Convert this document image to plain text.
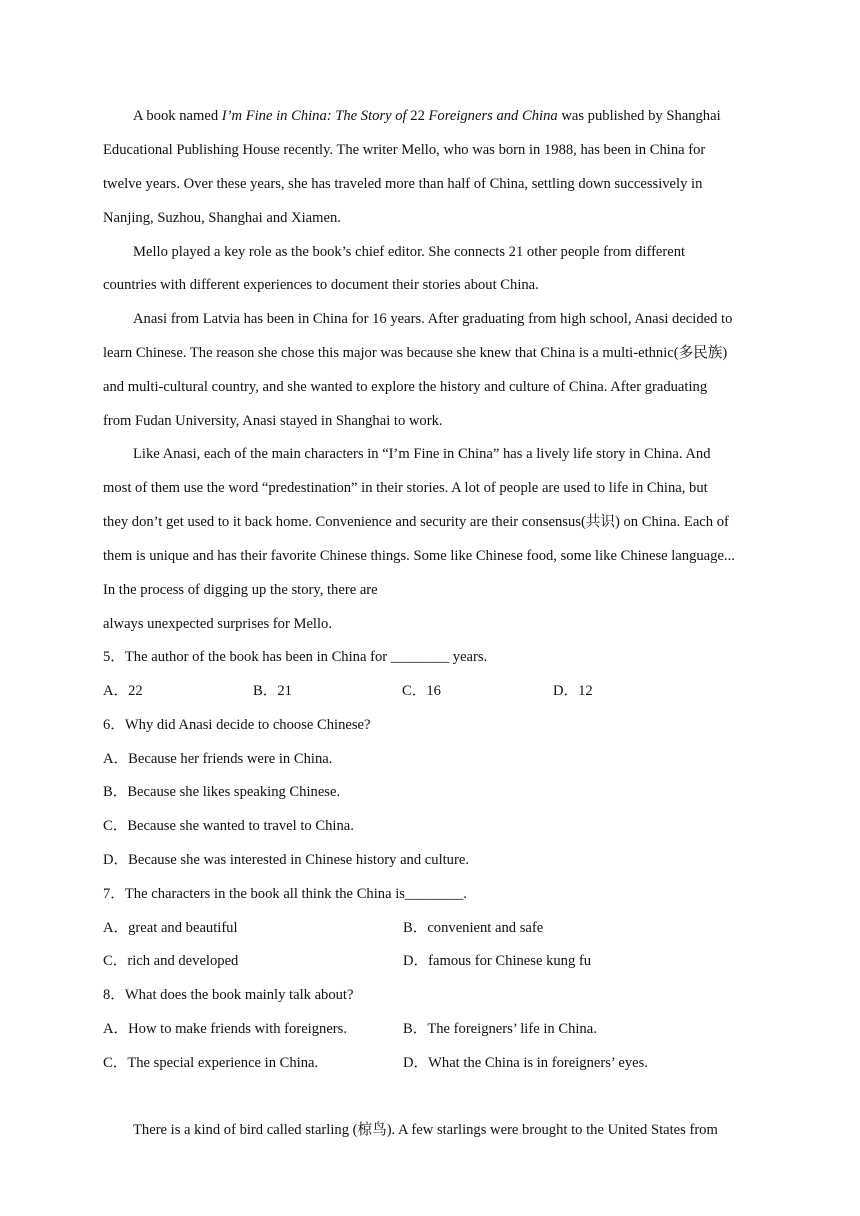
A book named I’m Fine in China: The Story of 22 Foreigners and China was published by Shanghai
Educational Publishing House recently. The writer Mello, who was born in 1988, has been in China for
twelve years. Over these years, she has traveled more than half of China, settling down successively in
Nanjing, Suzhou, Shanghai and Xiamen.
Mello played a key role as the book’s chief editor. She connects 21 other people from different
countries with different experiences to document their stories about China.
Anasi from Latvia has been in China for 16 years. After graduating from high school, Anasi decided to
learn Chinese. The reason she chose this major was because she knew that China is a multi-ethnic(多民族)
and multi-cultural country, and she wanted to explore the history and culture of China. After graduating
from Fudan University, Anasi stayed in Shanghai to work.
Like Anasi, each of the main characters in “I’m Fine in China” has a lively life story in China. And
most of them use the word “predestination” in their stories. A lot of people are used to life in China, but
they don’t get used to it back home. Convenience and security are their consensus(共识) on China. Each of
them is unique and has their favorite Chinese things. Some like Chinese food, some like Chinese language...
In the process of digging up the story, there are
always unexpected surprises for Mello.
5．The author of the book has been in China for ________ years.
A．22	B．21	C．16	D．12
6．Why did Anasi decide to choose Chinese?
A．Because her friends were in China.
B．Because she likes speaking Chinese.
C．Because she wanted to travel to China.
D．Because she was interested in Chinese history and culture.
7．The characters in the book all think the China is________.
A．great and beautiful	B．convenient and safe
C．rich and developed	D．famous for Chinese kung fu
8．What does the book mainly talk about?
A．How to make friends with foreigners.	B．The foreigners’ life in China.
C．The special experience in China.	D．What the China is in foreigners’ eyes.
There is a kind of bird called starling (椋鸟). A few starlings were brought to the United States from
